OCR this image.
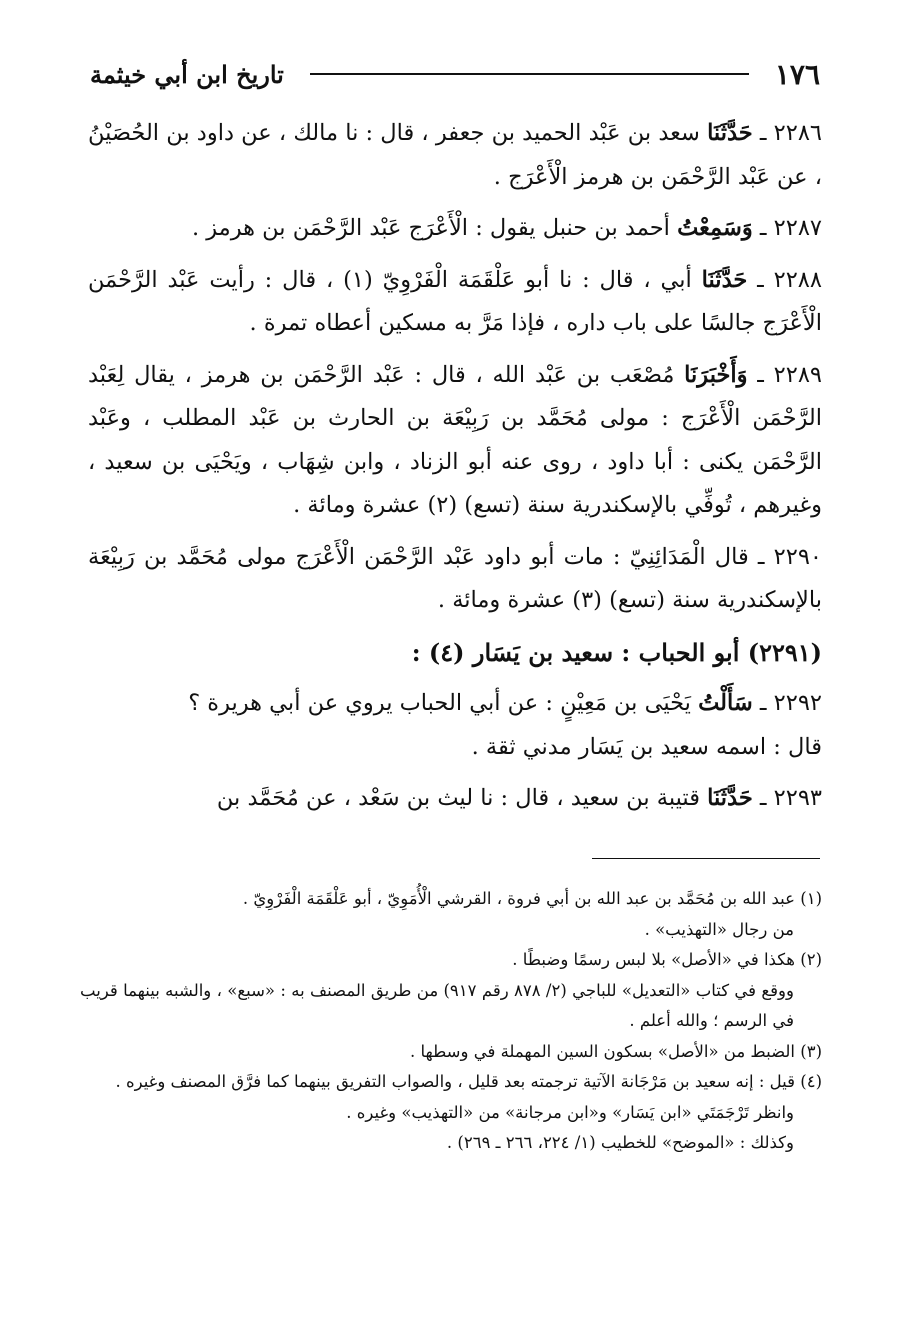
١٧٦
تاريخ ابن أبي خيثمة
٢٢٨٦ ـ حَدَّثَنَا سعد بن عَبْد الحميد بن جعفر ، قال : نا مالك ، عن داود بن الحُصَيْنُ ، عن عَبْد الرَّحْمَن بن هرمز الْأَعْرَج .
٢٢٨٧ ـ وَسَمِعْتُ أحمد بن حنبل يقول : الْأَعْرَج عَبْد الرَّحْمَن بن هرمز .
٢٢٨٨ ـ حَدَّثَنَا أبي ، قال : نا أبو عَلْقَمَة الْفَرْوِيّ (١) ، قال : رأيت عَبْد الرَّحْمَن الْأَعْرَج جالسًا على باب داره ، فإذا مَرَّ به مسكين أعطاه تمرة .
٢٢٨٩ ـ وَأَخْبَرَنَا مُصْعَب بن عَبْد الله ، قال : عَبْد الرَّحْمَن بن هرمز ، يقال لِعَبْد الرَّحْمَن الْأَعْرَج : مولى مُحَمَّد بن رَبِيْعَة بن الحارث بن عَبْد المطلب ، وعَبْد الرَّحْمَن يكنى : أبا داود ، روى عنه أبو الزناد ، وابن شِهَاب ، ويَحْيَى بن سعيد ، وغيرهم ، تُوفِّي بالإسكندرية سنة (تسع) (٢) عشرة ومائة .
٢٢٩٠ ـ قال الْمَدَائِنِيّ : مات أبو داود عَبْد الرَّحْمَن الْأَعْرَج مولى مُحَمَّد بن رَبِيْعَة بالإسكندرية سنة (تسع) (٣) عشرة ومائة .
(٢٢٩١) أبو الحباب : سعيد بن يَسَار (٤) :

٢٢٩٢ ـ سَأَلْتُ يَحْيَى بن مَعِيْنٍ : عن أبي الحباب يروي عن أبي هريرة ؟

قال : اسمه سعيد بن يَسَار مدني ثقة .

٢٢٩٣ ـ حَدَّثَنَا قتيبة بن سعيد ، قال : نا ليث بن سَعْد ، عن مُحَمَّد بن

(١) عبد الله بن مُحَمَّد بن عبد الله بن أبي فروة ، القرشي الْأُمَوِيّ ، أبو عَلْقَمَة الْفَرْوِيّ .

من رجال «التهذيب» .

(٢) هكذا في «الأصل» بلا لبس رسمًا وضبطًا .

ووقع في كتاب «التعديل» للباجي (٢/ ٨٧٨ رقم ٩١٧) من طريق المصنف به : «سبع» ، والشبه بينهما قريب في الرسم ؛ والله أعلم .

(٣) الضبط من «الأصل» بسكون السين المهملة في وسطها .

(٤) قيل : إنه سعيد بن مَرْجَانة الآتية ترجمته بعد قليل ، والصواب التفريق بينهما كما فرَّق المصنف وغيره .

وانظر تَرْجَمَتَي «ابن يَسَار» و«ابن مرجانة» من «التهذيب» وغيره .

وكذلك : «الموضح» للخطيب (١/ ٢٢٤، ٢٦٦ ـ ٢٦٩) .
